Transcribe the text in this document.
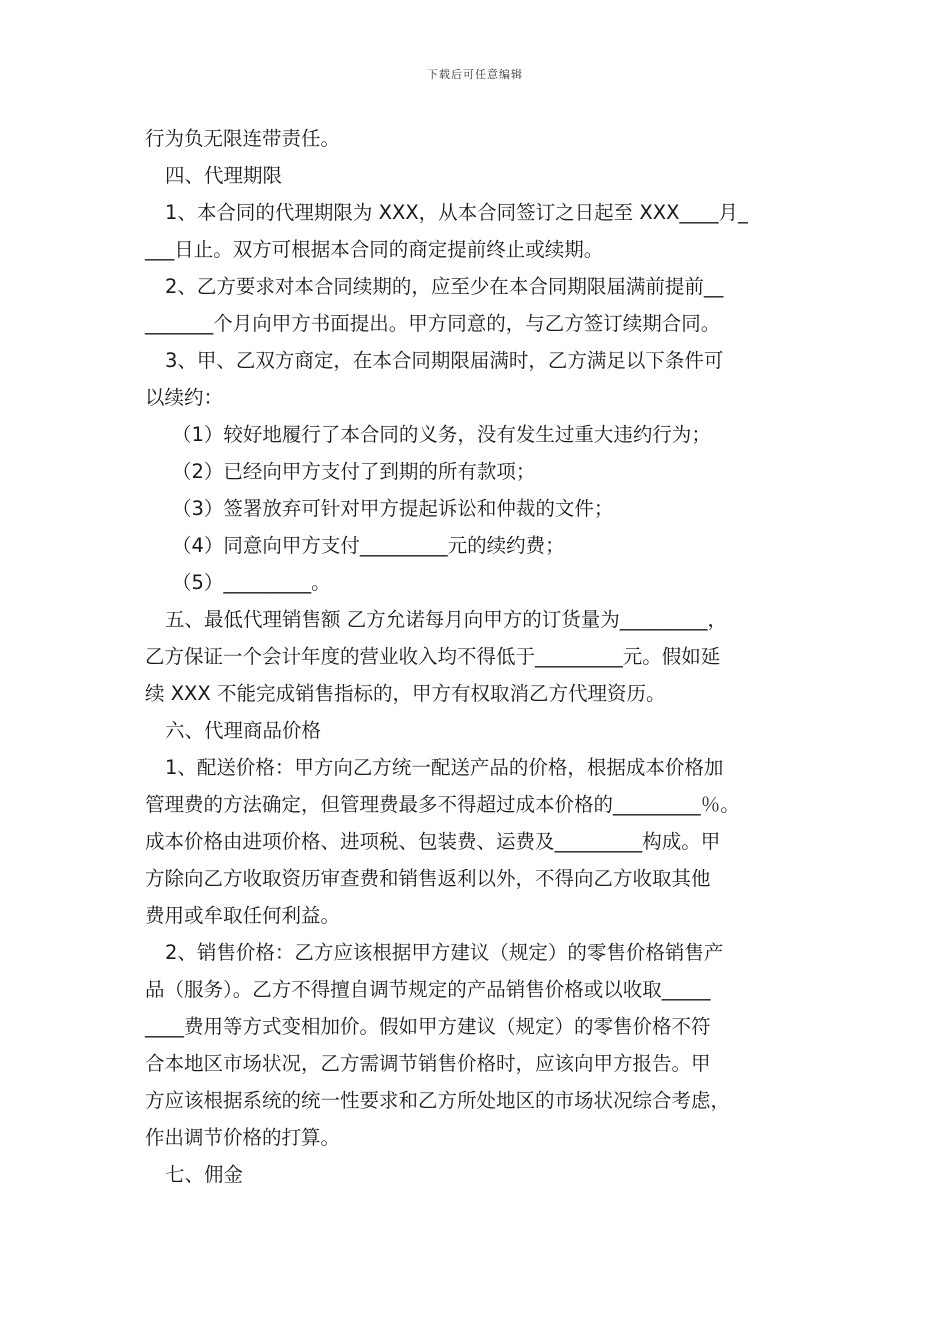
下载后可任意编辑
行为负无限连带责任。
四、代理期限
1、本合同的代理期限为 XXX，从本合同签订之日起至 XXX____月_
___日止。双方可根据本合同的商定提前终止或续期。
2、乙方要求对本合同续期的，应至少在本合同期限届满前提前__
_______个月向甲方书面提出。甲方同意的，与乙方签订续期合同。
3、甲、乙双方商定，在本合同期限届满时，乙方满足以下条件可
以续约：
（1）较好地履行了本合同的义务，没有发生过重大违约行为；
（2）已经向甲方支付了到期的所有款项；
（3）签署放弃可针对甲方提起诉讼和仲裁的文件；
（4）同意向甲方支付_________元的续约费；
（5）_________。
五、最低代理销售额 乙方允诺每月向甲方的订货量为_________，
乙方保证一个会计年度的营业收入均不得低于_________元。假如延
续 XXX 不能完成销售指标的，甲方有权取消乙方代理资历。
六、代理商品价格
1、配送价格：甲方向乙方统一配送产品的价格，根据成本价格加
管理费的方法确定，但管理费最多不得超过成本价格的_________％。
成本价格由进项价格、进项税、包装费、运费及_________构成。甲
方除向乙方收取资历审查费和销售返利以外，不得向乙方收取其他
费用或牟取任何利益。
2、销售价格：乙方应该根据甲方建议（规定）的零售价格销售产
品（服务）。乙方不得擅自调节规定的产品销售价格或以收取_____
____费用等方式变相加价。假如甲方建议（规定）的零售价格不符
合本地区市场状况，乙方需调节销售价格时，应该向甲方报告。甲
方应该根据系统的统一性要求和乙方所处地区的市场状况综合考虑，
作出调节价格的打算。
七、佣金
